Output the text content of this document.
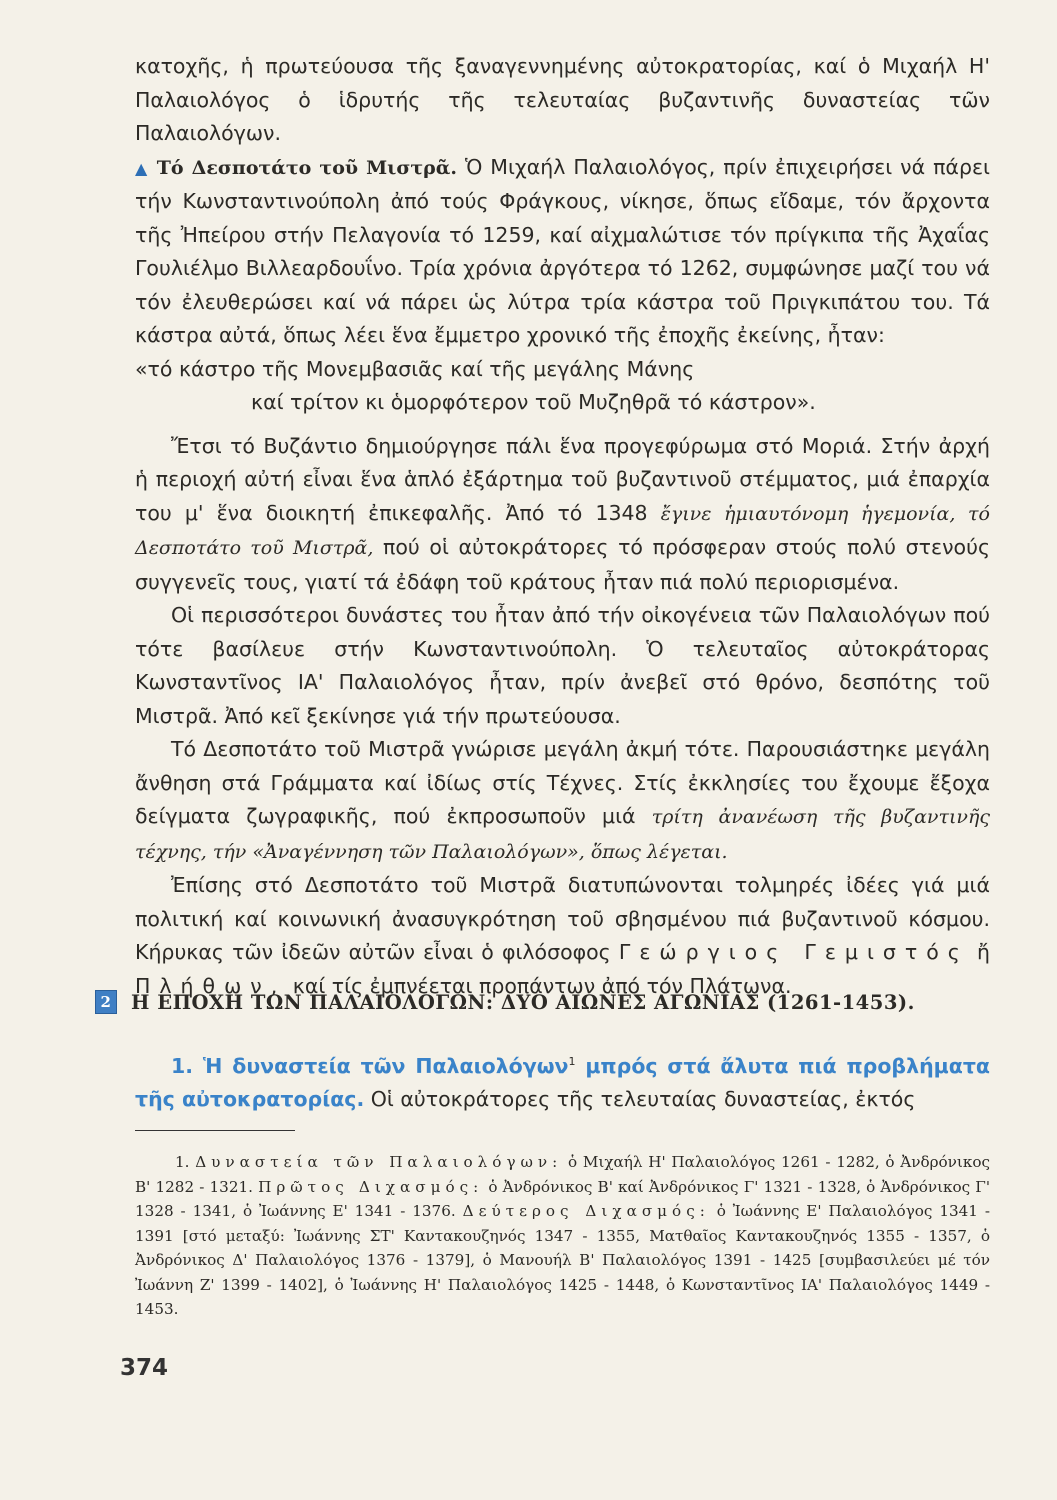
κατοχῆς, ἡ πρωτεύουσα τῆς ξαναγεννημένης αὐτοκρατορίας, καί ὁ Μιχαήλ Η' Παλαιολόγος ὁ ἱδρυτής τῆς τελευταίας βυζαντινῆς δυναστείας τῶν Παλαιολόγων.

▲ Τό Δεσποτάτο τοῦ Μιστρᾶ. Ὁ Μιχαήλ Παλαιολόγος, πρίν ἐπιχειρήσει νά πάρει τήν Κωνσταντινούπολη ἀπό τούς Φράγκους, νίκησε, ὅπως εἴδαμε, τόν ἄρχοντα τῆς Ἠπείρου στήν Πελαγονία τό 1259, καί αἰχμαλώτισε τόν πρίγκιπα τῆς Ἀχαΐας Γουλιέλμο Βιλλεαρδουΐνο. Τρία χρόνια ἀργότερα τό 1262, συμφώνησε μαζί του νά τόν ἐλευθερώσει καί νά πάρει ὡς λύτρα τρία κάστρα τοῦ Πριγκιπάτου του. Τά κάστρα αὐτά, ὅπως λέει ἕνα ἔμμετρο χρονικό τῆς ἐποχῆς ἐκείνης, ἦταν:

«τό κάστρο τῆς Μονεμβασιᾶς καί τῆς μεγάλης Μάνης

καί τρίτον κι ὁμορφότερον τοῦ Μυζηθρᾶ τό κάστρον».

Ἔτσι τό Βυζάντιο δημιούργησε πάλι ἕνα προγεφύρωμα στό Μοριά. Στήν ἀρχή ἡ περιοχή αὐτή εἶναι ἕνα ἁπλό ἐξάρτημα τοῦ βυζαντινοῦ στέμματος, μιά ἐπαρχία του μ' ἕνα διοικητή ἐπικεφαλῆς. Ἀπό τό 1348 ἔγινε ἡμιαυτόνομη ἡγεμονία, τό Δεσποτάτο τοῦ Μιστρᾶ, πού οἱ αὐτοκράτορες τό πρόσφεραν στούς πολύ στενούς συγγενεῖς τους, γιατί τά ἐδάφη τοῦ κράτους ἦταν πιά πολύ περιορισμένα.

Οἱ περισσότεροι δυνάστες του ἦταν ἀπό τήν οἰκογένεια τῶν Παλαιολόγων πού τότε βασίλευε στήν Κωνσταντινούπολη. Ὁ τελευταῖος αὐτοκράτορας Κωνσταντῖνος ΙΑ' Παλαιολόγος ἦταν, πρίν ἀνεβεῖ στό θρόνο, δεσπότης τοῦ Μιστρᾶ. Ἀπό κεῖ ξεκίνησε γιά τήν πρωτεύουσα.

Τό Δεσποτάτο τοῦ Μιστρᾶ γνώρισε μεγάλη ἀκμή τότε. Παρουσιάστηκε μεγάλη ἄνθηση στά Γράμματα καί ἰδίως στίς Τέχνες. Στίς ἐκκλησίες του ἔχουμε ἔξοχα δείγματα ζωγραφικῆς, πού ἐκπροσωποῦν μιά τρίτη ἀνανέωση τῆς βυζαντινῆς τέχνης, τήν «Ἀναγέννηση τῶν Παλαιολόγων», ὅπως λέγεται.

Ἐπίσης στό Δεσποτάτο τοῦ Μιστρᾶ διατυπώνονται τολμηρές ἰδέες γιά μιά πολιτική καί κοινωνική ἀνασυγκρότηση τοῦ σβησμένου πιά βυζαντινοῦ κόσμου. Κήρυκας τῶν ἰδεῶν αὐτῶν εἶναι ὁ φιλόσοφος Γεώργιος Γεμιστός ἤ Πλήθων, καί τίς ἐμπνέεται προπάντων ἀπό τόν Πλάτωνα.

2 Η ΕΠΟΧΗ ΤΩΝ ΠΑΛΑΙΟΛΟΓΩΝ: ΔΥΟ ΑΙΩΝΕΣ ΑΓΩΝΙΑΣ (1261-1453).

1. Ἡ δυναστεία τῶν Παλαιολόγων$^1$ μπρός στά ἄλυτα πιά προβλήματα τῆς αὐτοκρατορίας. Οἱ αὐτοκράτορες τῆς τελευταίας δυναστείας, ἐκτός

1. Δυναστεία τῶν Παλαιολόγων: ὁ Μιχαήλ Η' Παλαιολόγος 1261 - 1282, ὁ Ἀνδρόνικος Β' 1282 - 1321. Πρῶτος Διχασμός: ὁ Ἀνδρόνικος Β' καί Ἀνδρόνικος Γ' 1321 - 1328, ὁ Ἀνδρόνικος Γ' 1328 - 1341, ὁ Ἰωάννης Ε' 1341 - 1376. Δεύτερος Διχασμός: ὁ Ἰωάννης Ε' Παλαιολόγος 1341 - 1391 [στό μεταξύ: Ἰωάννης ΣΤ' Καντακουζηνός 1347 - 1355, Ματθαῖος Καντακουζηνός 1355 - 1357, ὁ Ἀνδρόνικος Δ' Παλαιολόγος 1376 - 1379], ὁ Μανουήλ Β' Παλαιολόγος 1391 - 1425 [συμβασιλεύει μέ τόν Ἰωάννη Ζ' 1399 - 1402], ὁ Ἰωάννης Η' Παλαιολόγος 1425 - 1448, ὁ Κωνσταντῖνος ΙΑ' Παλαιολόγος 1449 - 1453.
374
